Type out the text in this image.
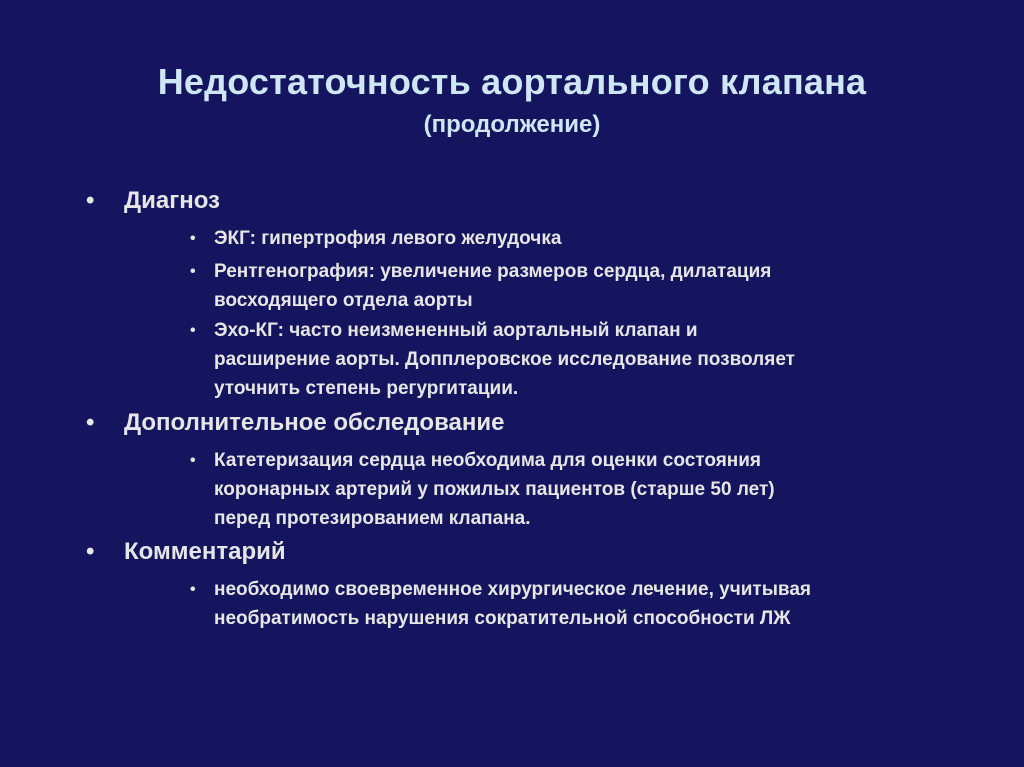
Недостаточность аортального клапана
(продолжение)
•	Диагноз
• ЭКГ: гипертрофия левого желудочка
• Рентгенография: увеличение размеров сердца, дилатация
восходящего отдела аорты
• Эхо-КГ: часто неизмененный аортальный клапан и
расширение аорты. Допплеровское исследование позволяет
уточнить степень регургитации.
•	Дополнительное обследование
• Катетеризация сердца необходима для оценки состояния
коронарных артерий у пожилых пациентов (старше 50 лет)
перед протезированием клапана.
•	Комментарий
• необходимо своевременное хирургическое лечение, учитывая
необратимость нарушения сократительной способности ЛЖ
